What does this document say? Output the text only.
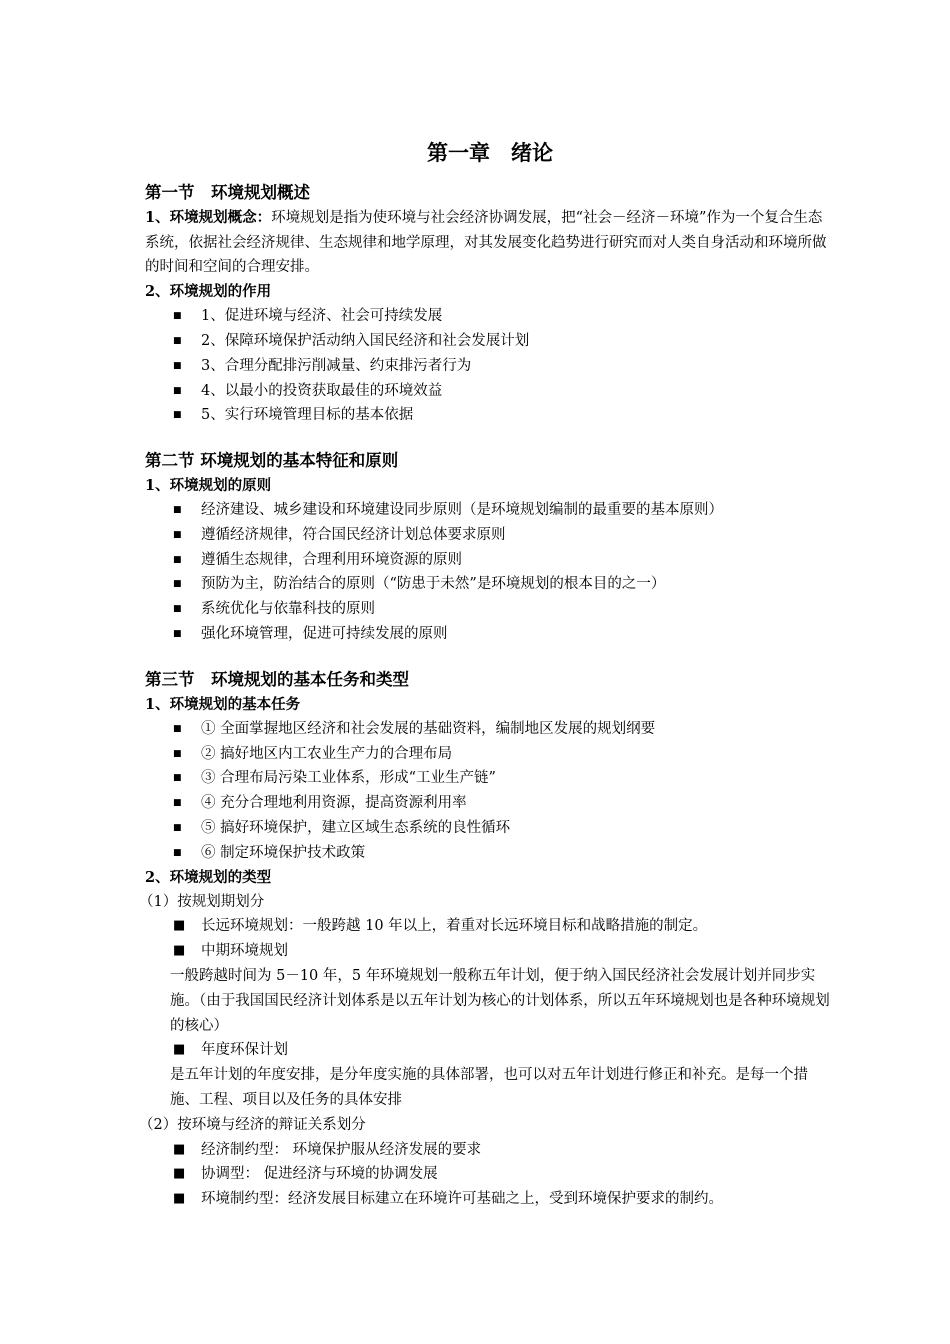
第一章　绪论
第一节　环境规划概述
1、环境规划概念：环境规划是指为使环境与社会经济协调发展，把“社会－经济－环境”作为一个复合生态系统，依据社会经济规律、生态规律和地学原理，对其发展变化趋势进行研究而对人类自身活动和环境所做的时间和空间的合理安排。
2、环境规划的作用
■ 1、促进环境与经济、社会可持续发展
■ 2、保障环境保护活动纳入国民经济和社会发展计划
■ 3、合理分配排污削减量、约束排污者行为
■ 4、以最小的投资获取最佳的环境效益
■ 5、实行环境管理目标的基本依据
第二节 环境规划的基本特征和原则
1、环境规划的原则
■ 经济建设、城乡建设和环境建设同步原则（是环境规划编制的最重要的基本原则）
■ 遵循经济规律，符合国民经济计划总体要求原则
■ 遵循生态规律，合理利用环境资源的原则
■ 预防为主，防治结合的原则（“防患于未然”是环境规划的根本目的之一）
■ 系统优化与依靠科技的原则
■ 强化环境管理，促进可持续发展的原则
第三节　环境规划的基本任务和类型
1、环境规划的基本任务
■ ① 全面掌握地区经济和社会发展的基础资料，编制地区发展的规划纲要
■ ② 搞好地区内工农业生产力的合理布局
■ ③ 合理布局污染工业体系，形成“工业生产链”
■ ④ 充分合理地利用资源，提高资源利用率
■ ⑤ 搞好环境保护，建立区域生态系统的良性循环
■ ⑥ 制定环境保护技术政策
2、环境规划的类型
（1）按规划期划分
■ 长远环境规划：一般跨越 10 年以上，着重对长远环境目标和战略措施的制定。
■ 中期环境规划
一般跨越时间为 5－10 年，5 年环境规划一般称五年计划，便于纳入国民经济社会发展计划并同步实施。（由于我国国民经济计划体系是以五年计划为核心的计划体系，所以五年环境规划也是各种环境规划的核心）
■ 年度环保计划
是五年计划的年度安排，是分年度实施的具体部署，也可以对五年计划进行修正和补充。是每一个措施、工程、项目以及任务的具体安排
（2）按环境与经济的辩证关系划分
■ 经济制约型： 环境保护服从经济发展的要求
■ 协调型： 促进经济与环境的协调发展
■ 环境制约型：经济发展目标建立在环境许可基础之上，受到环境保护要求的制约。
